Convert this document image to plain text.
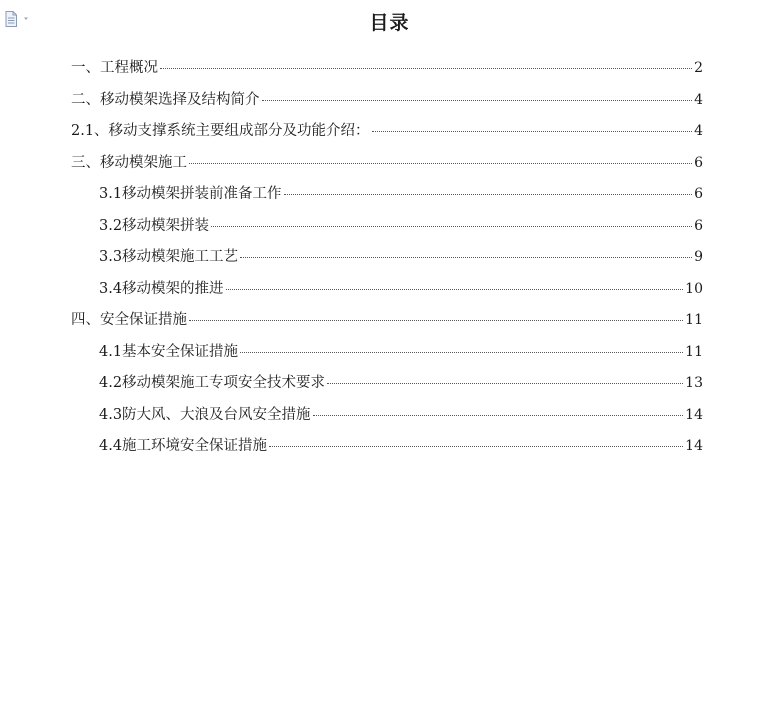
目录
一、工程概况	2
二、移动模架选择及结构简介	4
2.1、移动支撑系统主要组成部分及功能介绍：	4
三、移动模架施工	6
3.1移动模架拼装前准备工作	6
3.2移动模架拼装	6
3.3移动模架施工工艺	9
3.4移动模架的推进	10
四、安全保证措施	11
4.1基本安全保证措施	11
4.2移动模架施工专项安全技术要求	13
4.3防大风、大浪及台风安全措施	14
4.4施工环境安全保证措施	14
